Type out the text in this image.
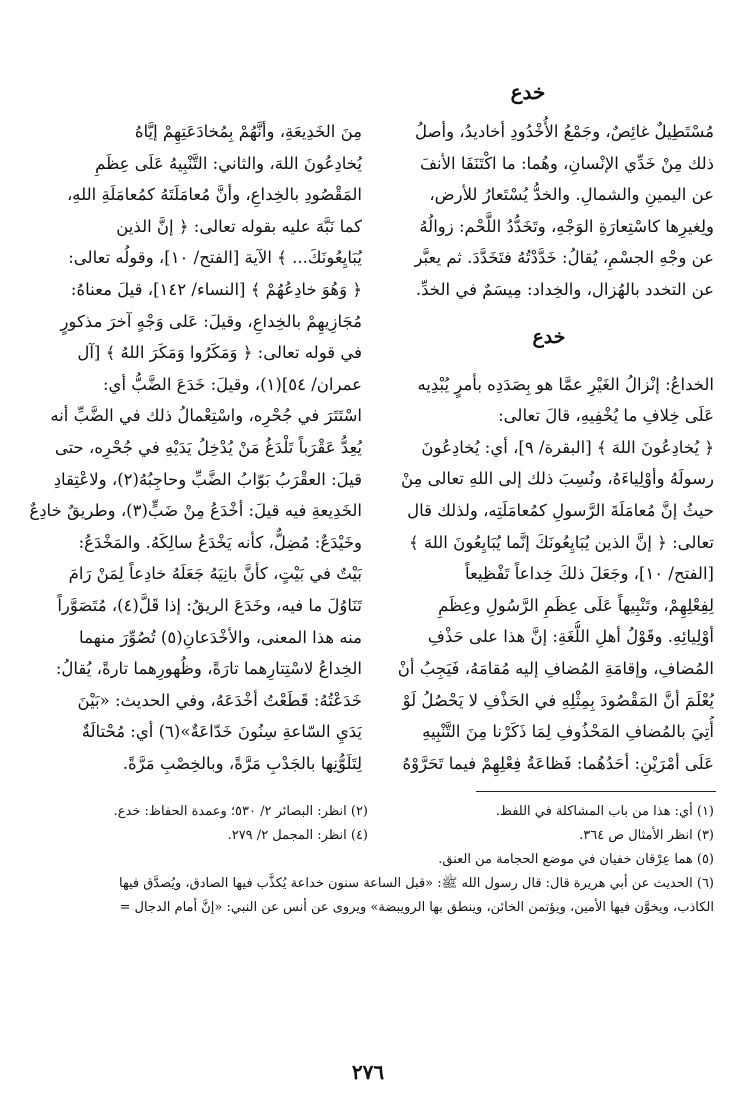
خدع
مُسْتَطِيلٌ غائِصٌ، وجَمْعُ الأُخْدُودِ أخاديدُ، وأصلُ
ذلك مِنْ خَدِّي الإنْسانِ، وهُما: ما اكْتَنَفَا الأنفَ
عن اليمينِ والشمالِ. والخدُّ يُسْتَعارُ للأرض،
ولِغيرِها كاسْتِعارَةِ الوَجْهِ، وتَخَدُّدُ اللَّحْم: زوالُهُ
عن وجْهِ الجسْمِ، يُقالُ: خَدَّدْتُهُ فتَخَدَّدَ. ثم يعبَّر
عن التخدد بالهُزال، والخِداد: مِيسَمٌ في الخدِّ.
خدع
الخداعُ: إنْزالُ الغَيْرِ عمَّا هو بِصَدَدِه بأمرٍ يُبْدِيه
عَلَى خِلافِ ما يُخْفِيهِ، قالَ تعالى:
﴿ يُخادِعُونَ اللهَ ﴾ [البقرة/ ٩]، أي: يُخادِعُونَ
رسولَهُ وأوْلِياءَهُ، ونُسِبَ ذلك إلى اللهِ تعالى مِنْ
حيثُ إنَّ مُعامَلَةَ الرَّسولِ كمُعامَلَتِه، ولذلك قال
تعالى: ﴿ إنَّ الذين يُبَايِعُونَكَ إنَّما يُبَايِعُونَ اللهَ ﴾
[الفتح/ ١٠]، وجَعَلَ ذلكَ خِداعاً تَفْظِيعاً
لِفِعْلِهِمْ، وتَنْبِيهاً عَلَى عِظَمِ الرَّسُولِ وعِظَمِ
أوْلِيائِهِ. وقَوْلُ أهلِ اللُّغَةِ: إنَّ هذا على حَذْفِ
المُضافِ، وإقامَةِ المُضافِ إليه مُقامَهُ، فَيَجِبُ أنْ
يُعْلَمَ أنَّ المَقْصُودَ بِمِثْلِهِ في الحَذْفِ لا يَحْصُلُ لَوْ
أُتِيَ بالمُضافِ المَحْذُوفِ لِمَا ذَكَرْنا مِنَ التَّنْبِيهِ
عَلَى أمْرَيْنِ: أحَدُهُما: فَظاعَةُ فِعْلِهِمْ فيما تَحَرَّوْهُ
مِنَ الخَدِيعَةِ، وأنَّهُمْ بِمُخادَعَتِهِمْ إيَّاهُ
يُخادِعُونَ اللهَ، والثاني: التَّنْبِيهُ عَلَى عِظَمِ
المَقْصُودِ بالخِداعِ، وأنَّ مُعامَلَتَهُ كمُعامَلَةِ اللهِ،
كما نَبَّهَ عليه بقوله تعالى: ﴿ إنَّ الذين
يُبَايِعُونَكَ... ﴾ الآية [الفتح/ ١٠]، وقولُه تعالى:
﴿ وَهُوَ خادِعُهُمْ ﴾ [النساء/ ١٤٢]، قيلَ معناهُ:
مُجَازِيهِمْ بالخِداعِ، وقيلَ: عَلى وَجْهٍ آخرَ مذكورٍ
في قوله تعالى: ﴿ وَمَكَرُوا وَمَكَرَ اللهُ ﴾ [آل
عمران/ ٥٤](١)، وقيلَ: خَدَعَ الضَّبُّ أي:
اسْتَتَرَ في جُحْرِه، واسْتِعْمالُ ذلك في الضَّبِّ أنه
يُعِدُّ عَقْرَباً تَلْدَغُ مَنْ يُدْخِلُ يَدَيْهِ في جُحْرِه، حتى
قيلَ: العقْرَبُ بَوّابُ الضَّبِّ وحاجِبُهُ(٢)، ولاعْتِقادِ
الخَدِيعةِ فيه قيلَ: أخْدَعُ مِنْ ضَبٍّ(٣)، وطريقٌ خادِعٌ
وخَيْدَعٌ: مُضِلٌّ، كأنه يَخْدَعُ سالِكَهُ. والمَخْدَعُ:
بَيْتٌ في بَيْتٍ، كأنَّ بانِيَهُ جَعَلَهُ خادِعاً لِمَنْ رَامَ
تَنَاوُلَ ما فيه، وخَدَعَ الريقُ: إذا قَلَّ(٤)، مُتَصَوَّراً
منه هذا المعنى، والأخْدَعانِ(٥) تُصُوِّرَ منهما
الخِداعُ لاسْتِتارِهما تارَةً، وظُهورِهما تارةً، يُقالُ:
خَدَعْتُهُ: قَطَعْتُ أخْدَعَهُ، وفي الحديث: «بَيْنَ
يَدَيِ السّاعةِ سِنُونَ خَدّاعَةٌ»(٦) أي: مُحْتالَةٌ
لِتَلَوُّنِها بالجَدْبِ مَرَّةً، وبالخِصْبِ مَرَّةً.
(١) أي: هذا من باب المشاكلة في اللفظ.
(٢) انظر: البصائر ٢/ ٥٣٠؛ وعمدة الحفاظ: خدع.
(٣) انظر الأمثال ص ٣٦٤.
(٤) انظر: المجمل ٢/ ٢٧٩.
(٥) هما عِرْقان خفيان في موضع الحجامة من العنق.
(٦) الحديث عن أبي هريرة قال: قال رسول الله ﷺ: «قبل الساعة سنون خداعة يُكذَّب فيها الصادق، ويُصدَّق فيها
الكاذب، ويخوَّن فيها الأمين، ويؤتمن الخائن، وينطق بها الرويبضة» ويروى عن أنس عن النبي: «إنَّ أمام الدجال =
٢٧٦
